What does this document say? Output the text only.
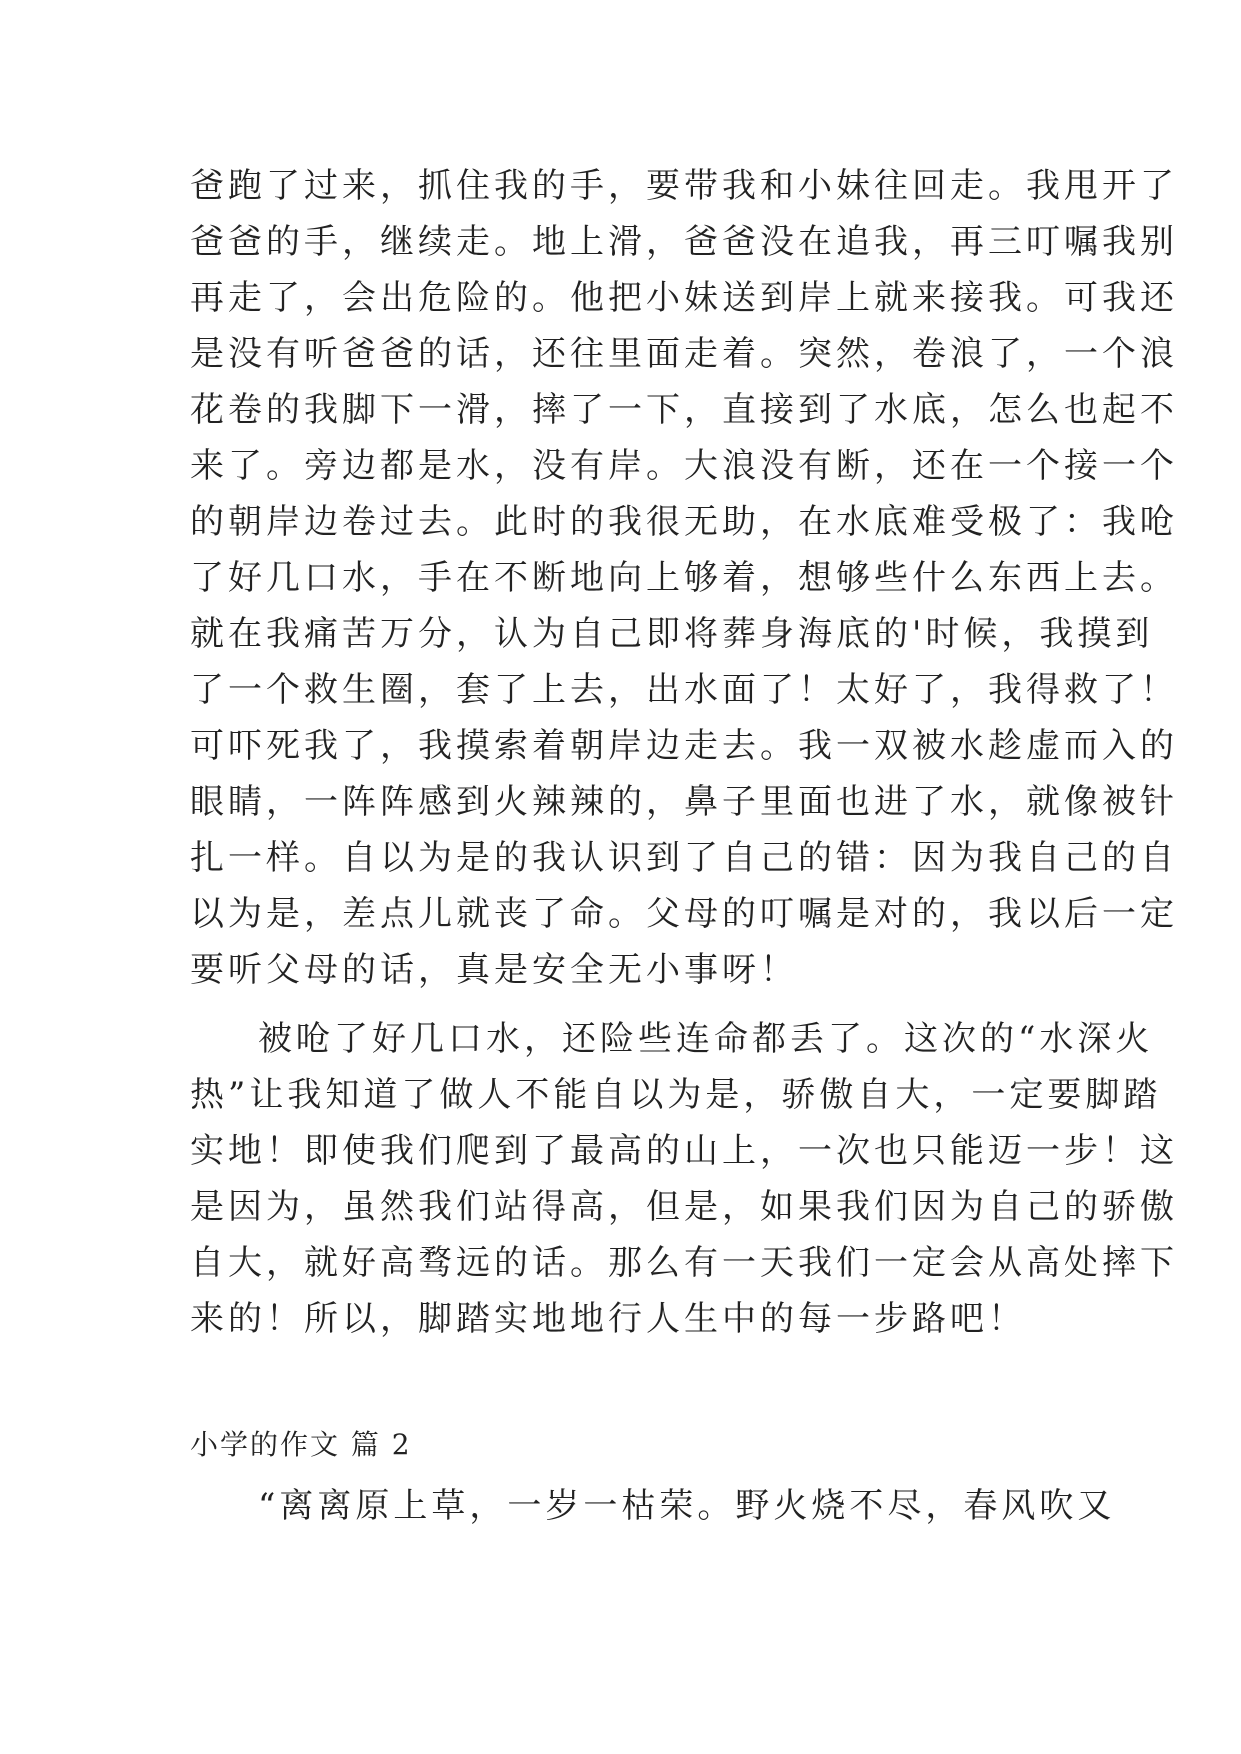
爸跑了过来，抓住我的手，要带我和小妹往回走。我甩开了
爸爸的手，继续走。地上滑，爸爸没在追我，再三叮嘱我别
再走了，会出危险的。他把小妹送到岸上就来接我。可我还
是没有听爸爸的话，还往里面走着。突然，卷浪了，一个浪
花卷的我脚下一滑，摔了一下，直接到了水底，怎么也起不
来了。旁边都是水，没有岸。大浪没有断，还在一个接一个
的朝岸边卷过去。此时的我很无助，在水底难受极了：我呛
了好几口水，手在不断地向上够着，想够些什么东西上去。
就在我痛苦万分，认为自己即将葬身海底的'时候，我摸到
了一个救生圈，套了上去，出水面了！太好了，我得救了！
可吓死我了，我摸索着朝岸边走去。我一双被水趁虚而入的
眼睛，一阵阵感到火辣辣的，鼻子里面也进了水，就像被针
扎一样。自以为是的我认识到了自己的错：因为我自己的自
以为是，差点儿就丧了命。父母的叮嘱是对的，我以后一定
要听父母的话，真是安全无小事呀！
被呛了好几口水，还险些连命都丢了。这次的“水深火
热”让我知道了做人不能自以为是，骄傲自大，一定要脚踏
实地！即使我们爬到了最高的山上，一次也只能迈一步！这
是因为，虽然我们站得高，但是，如果我们因为自己的骄傲
自大，就好高骛远的话。那么有一天我们一定会从高处摔下
来的！所以，脚踏实地地行人生中的每一步路吧！
小学的作文 篇 2
“离离原上草，一岁一枯荣。野火烧不尽，春风吹又
